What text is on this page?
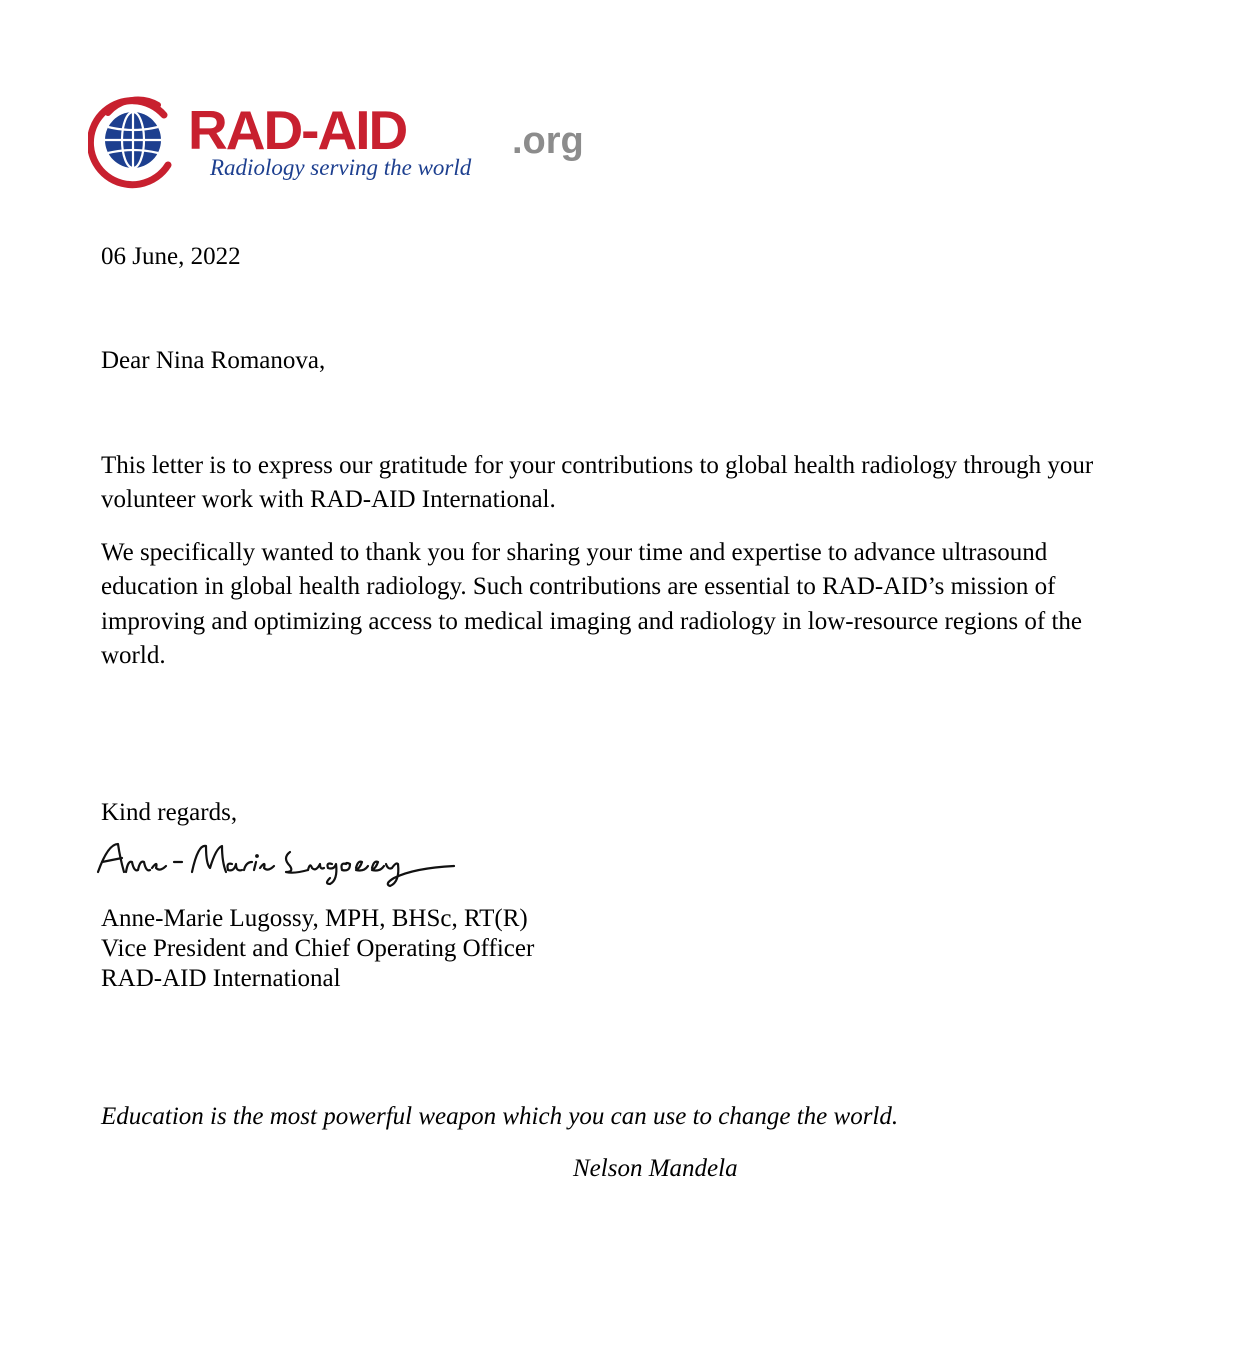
RAD-AID	.org
Radiology serving the world

06 June, 2022

Dear Nina Romanova,

This letter is to express our gratitude for your contributions to global health radiology through your volunteer work with RAD-AID International.

We specifically wanted to thank you for sharing your time and expertise to advance ultrasound education in global health radiology. Such contributions are essential to RAD-AID’s mission of improving and optimizing access to medical imaging and radiology in low-resource regions of the world.

Kind regards,

Anne-Marie Lugossy, MPH, BHSc, RT(R)
Vice President and Chief Operating Officer
RAD-AID International
Education is the most powerful weapon which you can use to change the world.
Nelson Mandela
